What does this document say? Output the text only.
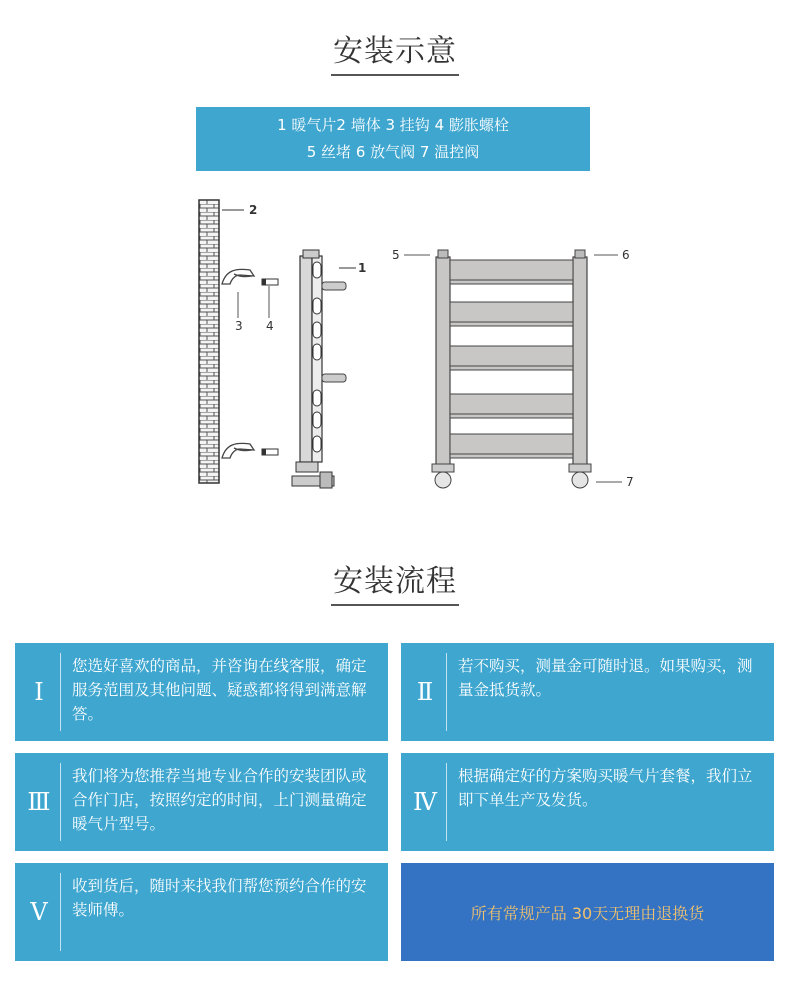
安装示意
1 暖气片2 墙体 3 挂钩 4 膨胀螺栓
5 丝堵 6 放气阀 7 温控阀
2
3 4
1
5	6
7
安装流程
Ⅰ
您选好喜欢的商品，并咨询在线客服，确定服务范围及其他问题、疑惑都将得到满意解答。
Ⅱ
若不购买，测量金可随时退。如果购买，测量金抵货款。
Ⅲ
我们将为您推荐当地专业合作的安装团队或合作门店，按照约定的时间，上门测量确定暖气片型号。
Ⅳ
根据确定好的方案购买暖气片套餐，我们立即下单生产及发货。
Ⅴ
收到货后，随时来找我们帮您预约合作的安装师傅。	所有常规产品 30天无理由退换货
